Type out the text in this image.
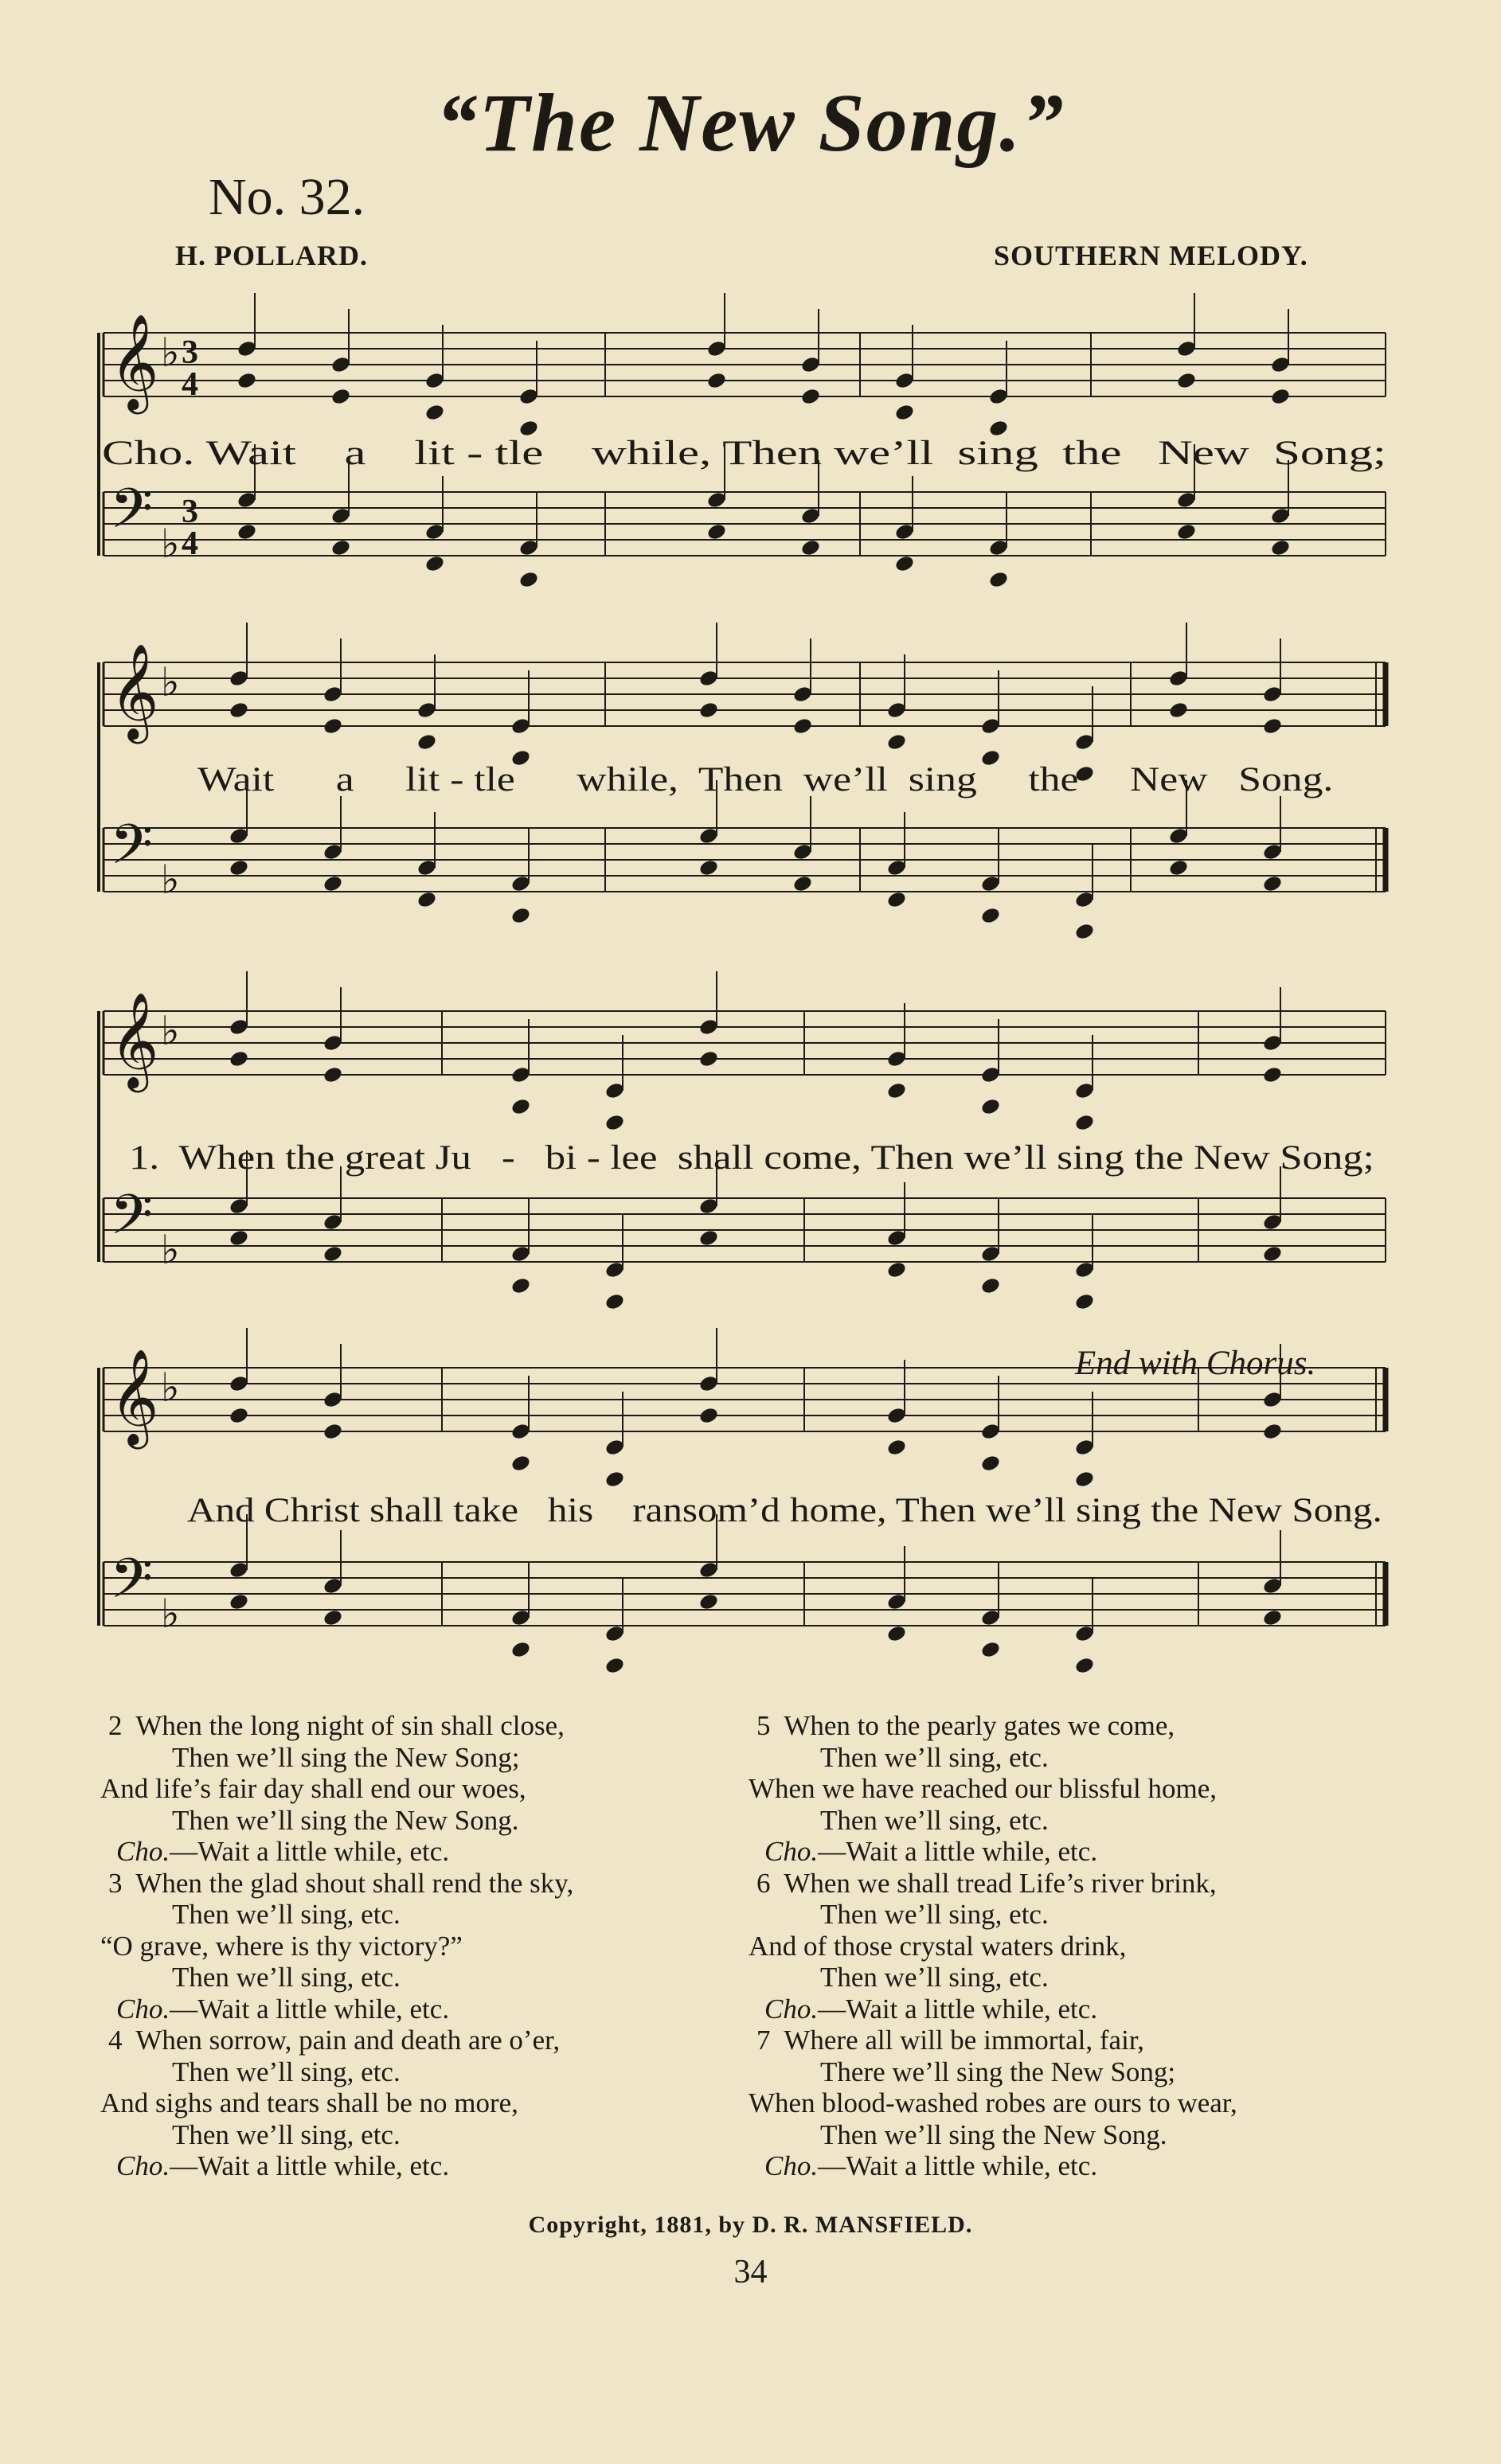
“The New Song.”
No. 32.
H. POLLARD.	SOUTHERN MELODY.
𝄞 ♭ 3
4
𝄢 ♭
3
4
𝄞 ♭
𝄢 ♭
𝄞 ♭
𝄢 ♭
𝄞 ♭
𝄢 ♭
Cho. Wait    a    lit - tle    while, Then we’ll  sing  the   New  Song;
Wait      a     lit - tle      while,  Then  we’ll  sing     the     New   Song.
1.  When the great Ju   -   bi - lee  shall come, Then we’ll sing the New Song;
And Christ shall take   his    ransom’d home, Then we’ll sing the New Song.
End with Chorus.
2  When the long night of sin shall close,
Then we’ll sing the New Song;
And life’s fair day shall end our woes,
Then we’ll sing the New Song.
Cho.—Wait a little while, etc.
3  When the glad shout shall rend the sky,
Then we’ll sing, etc.
“O grave, where is thy victory?”
Then we’ll sing, etc.
Cho.—Wait a little while, etc.
4  When sorrow, pain and death are o’er,
Then we’ll sing, etc.
And sighs and tears shall be no more,
Then we’ll sing, etc.
Cho.—Wait a little while, etc.
5  When to the pearly gates we come,
Then we’ll sing, etc.
When we have reached our blissful home,
Then we’ll sing, etc.
Cho.—Wait a little while, etc.
6  When we shall tread Life’s river brink,
Then we’ll sing, etc.
And of those crystal waters drink,
Then we’ll sing, etc.
Cho.—Wait a little while, etc.
7  Where all will be immortal, fair,
There we’ll sing the New Song;
When blood-washed robes are ours to wear,
Then we’ll sing the New Song.
Cho.—Wait a little while, etc.
Copyright, 1881, by D. R. MANSFIELD.
34
